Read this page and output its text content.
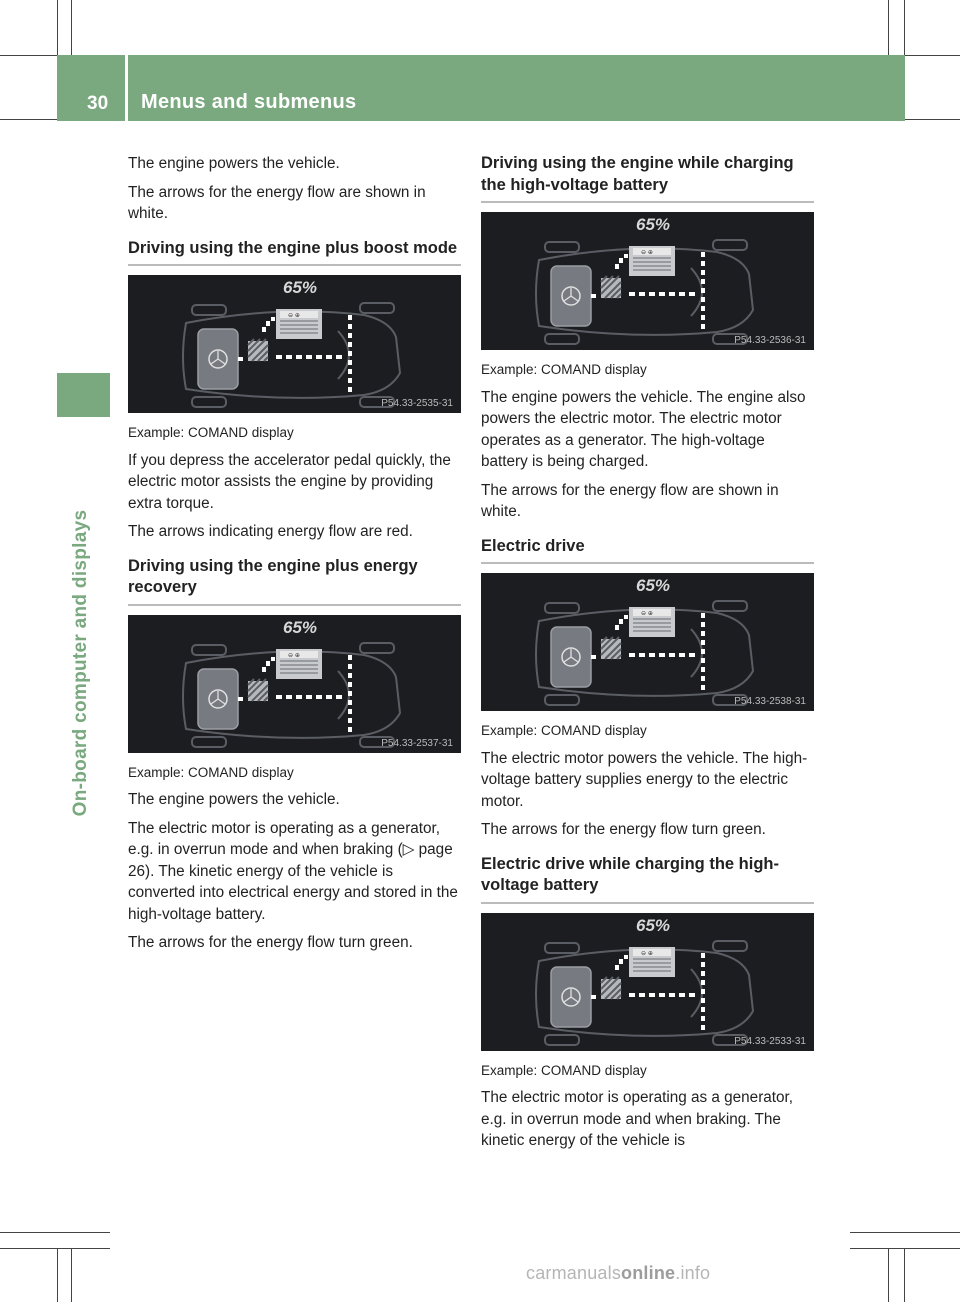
30 Menus and submenus
On-board computer and displays

The engine powers the vehicle.

The arrows for the energy flow are shown in white.

Driving using the engine plus boost mode
⊖ ⊕
65%
P54.33-2535-31

Example: COMAND display

If you depress the accelerator pedal quickly, the electric motor assists the engine by providing extra torque.

The arrows indicating energy flow are red.

Driving using the engine plus energy recovery
⊖ ⊕
65%
P54.33-2537-31

Example: COMAND display

The engine powers the vehicle.

The electric motor is operating as a generator, e.g. in overrun mode and when braking (▷ page 26). The kinetic energy of the vehicle is converted into electrical energy and stored in the high-voltage battery.

The arrows for the energy flow turn green.

Driving using the engine while charging the high-voltage battery
⊖ ⊕
65%
P54.33-2536-31

Example: COMAND display

The engine powers the vehicle. The engine also powers the electric motor. The electric motor operates as a generator. The high-voltage battery is being charged.

The arrows for the energy flow are shown in white.

Electric drive
⊖ ⊕
65%
P54.33-2538-31

Example: COMAND display

The electric motor powers the vehicle. The high-voltage battery supplies energy to the electric motor.

The arrows for the energy flow turn green.

Electric drive while charging the high-voltage battery
⊖ ⊕
65%
P54.33-2533-31

Example: COMAND display

The electric motor is operating as a generator, e.g. in overrun mode and when braking. The kinetic energy of the vehicle is

carmanualsonline.info
